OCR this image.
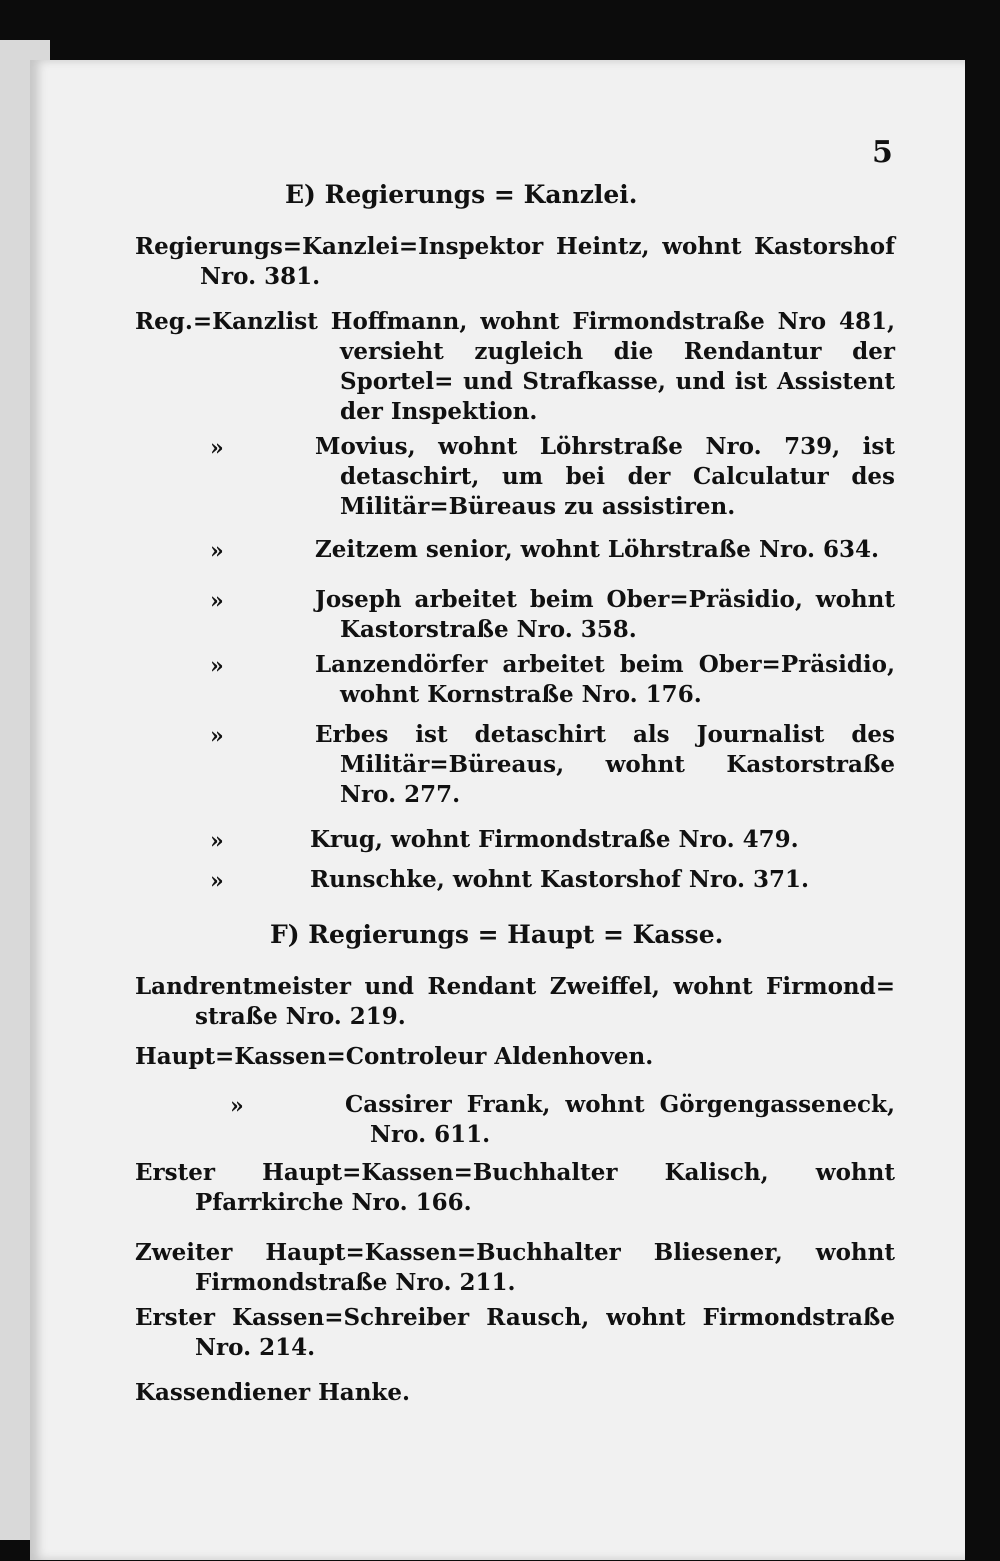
5
E) Regierungs = Kanzlei.
Regierungs=Kanzlei=Inspektor Heintz, wohnt Kastorshof
Nro. 381.
Reg.=Kanzlist Hoffmann, wohnt Firmondstraße Nro 481,
versieht zugleich die Rendantur der
Sportel= und Strafkasse, und ist Assistent
der Inspektion.
»	Movius, wohnt Löhrstraße Nro. 739, ist
detaschirt, um bei der Calculatur des
Militär=Büreaus zu assistiren.
»	Zeitzem senior, wohnt Löhrstraße Nro. 634.
»	Joseph arbeitet beim Ober=Präsidio, wohnt
Kastorstraße Nro. 358.
»	Lanzendörfer arbeitet beim Ober=Präsidio,
wohnt Kornstraße Nro. 176.
»	Erbes ist detaschirt als Journalist des
Militär=Büreaus, wohnt Kastorstraße
Nro. 277.
»	Krug, wohnt Firmondstraße Nro. 479.
»	Runschke, wohnt Kastorshof Nro. 371.
F) Regierungs = Haupt = Kasse.
Landrentmeister und Rendant Zweiffel, wohnt Firmond=
straße Nro. 219.
Haupt=Kassen=Controleur Aldenhoven.
»	Cassirer Frank, wohnt Görgengasseneck,
Nro. 611.
Erster Haupt=Kassen=Buchhalter Kalisch, wohnt
Pfarrkirche Nro. 166.
Zweiter Haupt=Kassen=Buchhalter Bliesener, wohnt
Firmondstraße Nro. 211.
Erster Kassen=Schreiber Rausch, wohnt Firmondstraße
Nro. 214.
Kassendiener Hanke.
